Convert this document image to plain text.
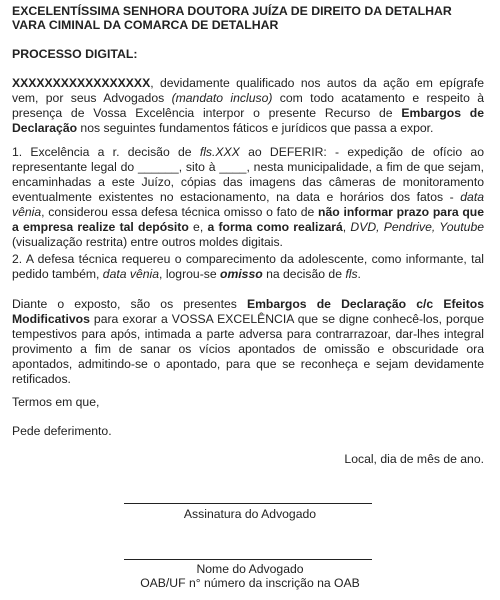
EXCELENTÍSSIMA SENHORA DOUTORA JUÍZA DE DIREITO DA DETALHAR
VARA CIMINAL DA COMARCA DE DETALHAR
PROCESSO DIGITAL:

XXXXXXXXXXXXXXXXX, devidamente qualificado nos autos da ação em epígrafe vem, por seus Advogados (mandato incluso) com todo acatamento e respeito à presença de Vossa Excelência interpor o presente Recurso de Embargos de Declaração nos seguintes fundamentos fáticos e jurídicos que passa a expor.

1. Excelência a r. decisão de fls.XXX ao DEFERIR: - expedição de ofício ao representante legal do ______, sito à ____, nesta municipalidade, a fim de que sejam, encaminhadas a este Juízo, cópias das imagens das câmeras de monitoramento eventualmente existentes no estacionamento, na data e horários dos fatos - data vênia, considerou essa defesa técnica omisso o fato de não informar prazo para que a empresa realize tal depósito e, a forma como realizará, DVD, Pendrive, Youtube (visualização restrita) entre outros moldes digitais.

2. A defesa técnica requereu o comparecimento da adolescente, como informante, tal pedido também, data vênia, logrou-se omisso na decisão de fls.

Diante o exposto, são os presentes Embargos de Declaração c/c Efeitos Modificativos para exorar a VOSSA EXCELÊNCIA que se digne conhecê-los, porque tempestivos para após, intimada a parte adversa para contrarrazoar, dar-lhes integral provimento a fim de sanar os vícios apontados de omissão e obscuridade ora apontados, admitindo-se o apontado, para que se reconheça e sejam devidamente retificados.

Termos em que,
Pede deferimento.
Local, dia de mês de ano.
Assinatura do Advogado
Nome do Advogado
OAB/UF n° número da inscrição na OAB
